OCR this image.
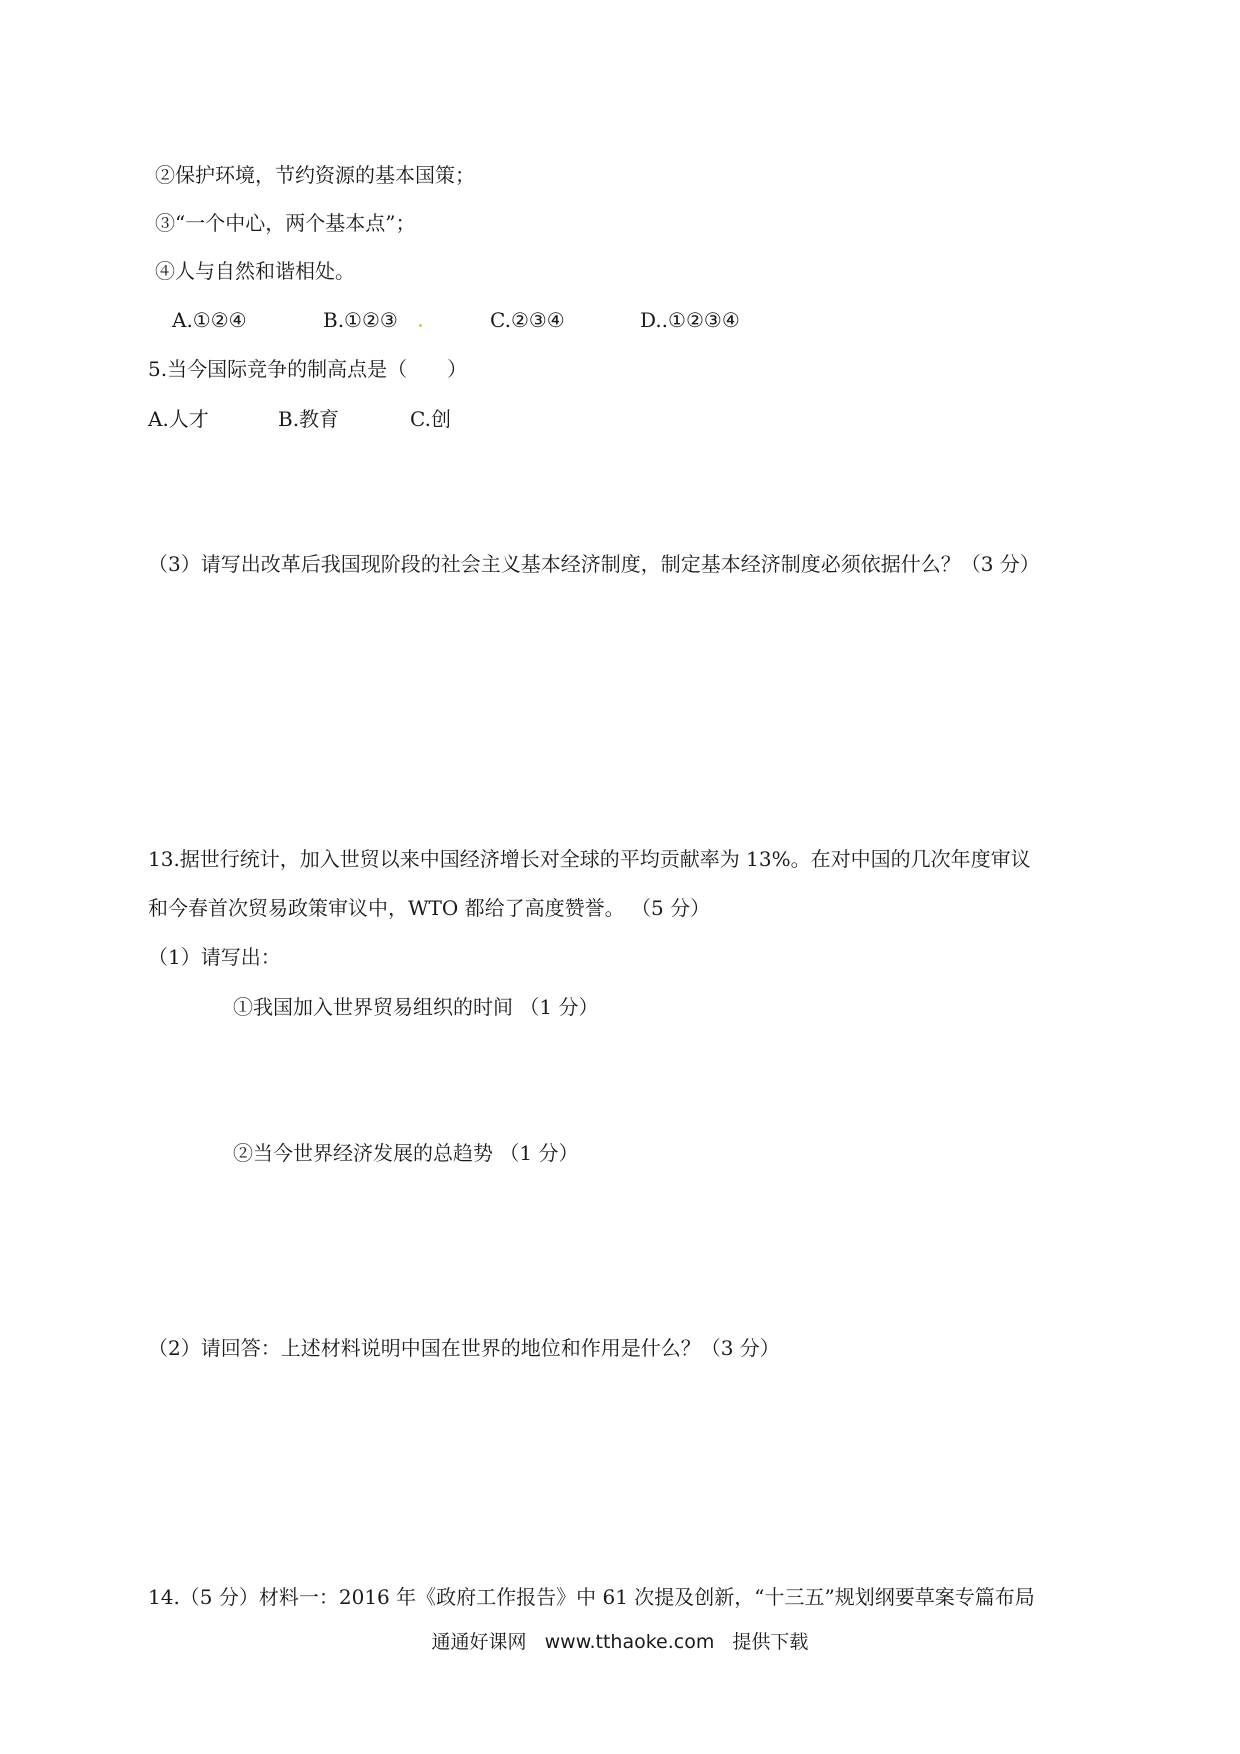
②保护环境，节约资源的基本国策；
③“一个中心，两个基本点”；
④人与自然和谐相处。
A.①②④	B.①②③	C.②③④	D..①②③④
5.当今国际竞争的制高点是（　　）
A.人才	B.教育	C.创
（3）请写出改革后我国现阶段的社会主义基本经济制度，制定基本经济制度必须依据什么？（3 分）
13.据世行统计，加入世贸以来中国经济增长对全球的平均贡献率为 13%。在对中国的几次年度审议
和今春首次贸易政策审议中，WTO 都给了高度赞誉。 （5 分）
（1）请写出：
①我国加入世界贸易组织的时间 （1 分）
②当今世界经济发展的总趋势 （1 分）
（2）请回答：上述材料说明中国在世界的地位和作用是什么？（3 分）
14.（5 分）材料一：2016 年《政府工作报告》中 61 次提及创新，“十三五”规划纲要草案专篇布局
通通好课网 www.tthaoke.com 提供下载
